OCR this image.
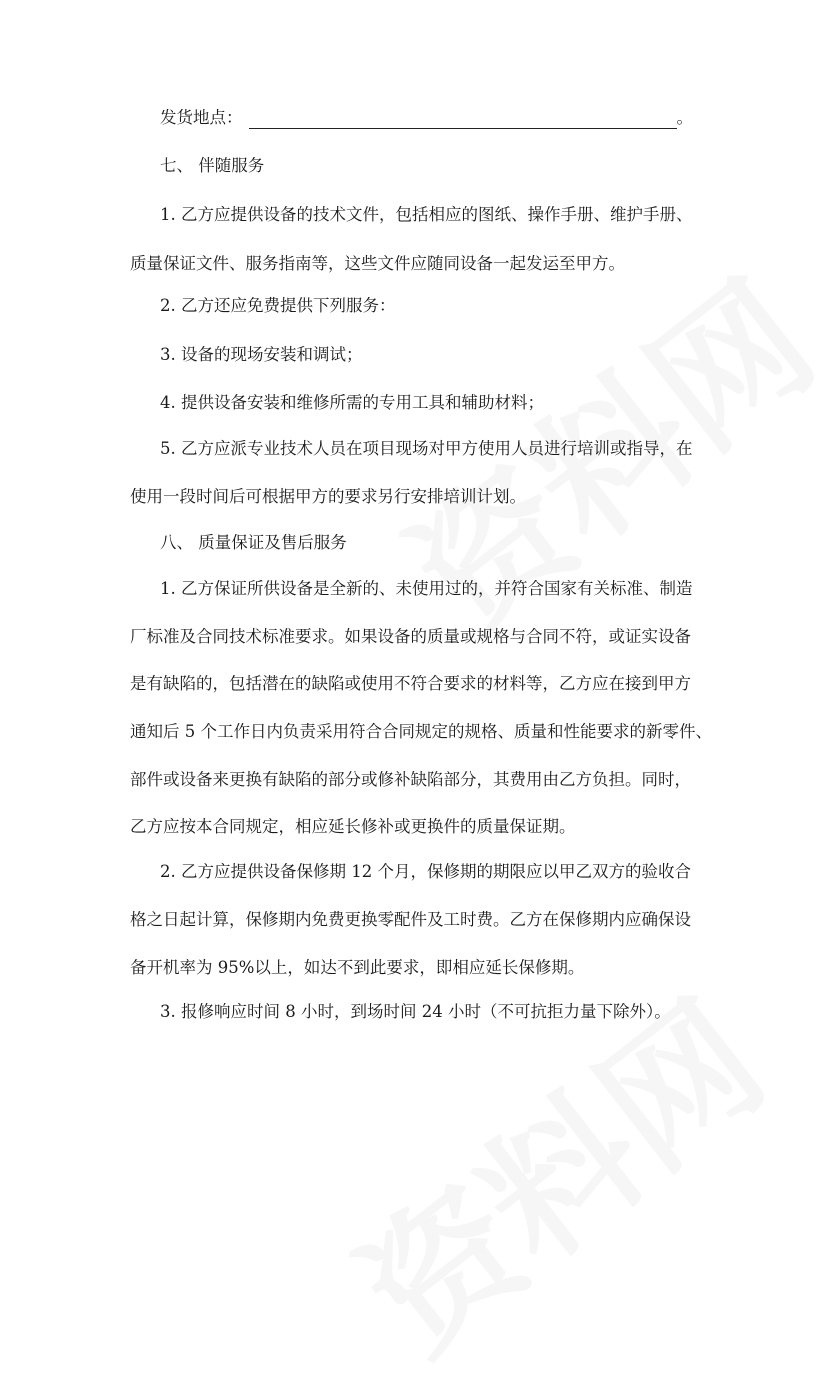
发货地点：	。
七、 伴随服务
1. 乙方应提供设备的技术文件，包括相应的图纸、操作手册、维护手册、
质量保证文件、服务指南等，这些文件应随同设备一起发运至甲方。
2. 乙方还应免费提供下列服务：
3. 设备的现场安装和调试；
4. 提供设备安装和维修所需的专用工具和辅助材料；
5. 乙方应派专业技术人员在项目现场对甲方使用人员进行培训或指导，在
使用一段时间后可根据甲方的要求另行安排培训计划。
八、 质量保证及售后服务
1. 乙方保证所供设备是全新的、未使用过的，并符合国家有关标准、制造
厂标准及合同技术标准要求。如果设备的质量或规格与合同不符，或证实设备
是有缺陷的，包括潜在的缺陷或使用不符合要求的材料等，乙方应在接到甲方
通知后 5 个工作日内负责采用符合合同规定的规格、质量和性能要求的新零件、
部件或设备来更换有缺陷的部分或修补缺陷部分，其费用由乙方负担。同时，
乙方应按本合同规定，相应延长修补或更换件的质量保证期。
2. 乙方应提供设备保修期 12 个月，保修期的期限应以甲乙双方的验收合
格之日起计算，保修期内免费更换零配件及工时费。乙方在保修期内应确保设
备开机率为 95%以上，如达不到此要求，即相应延长保修期。
3. 报修响应时间 8 小时，到场时间 24 小时（不可抗拒力量下除外）。
